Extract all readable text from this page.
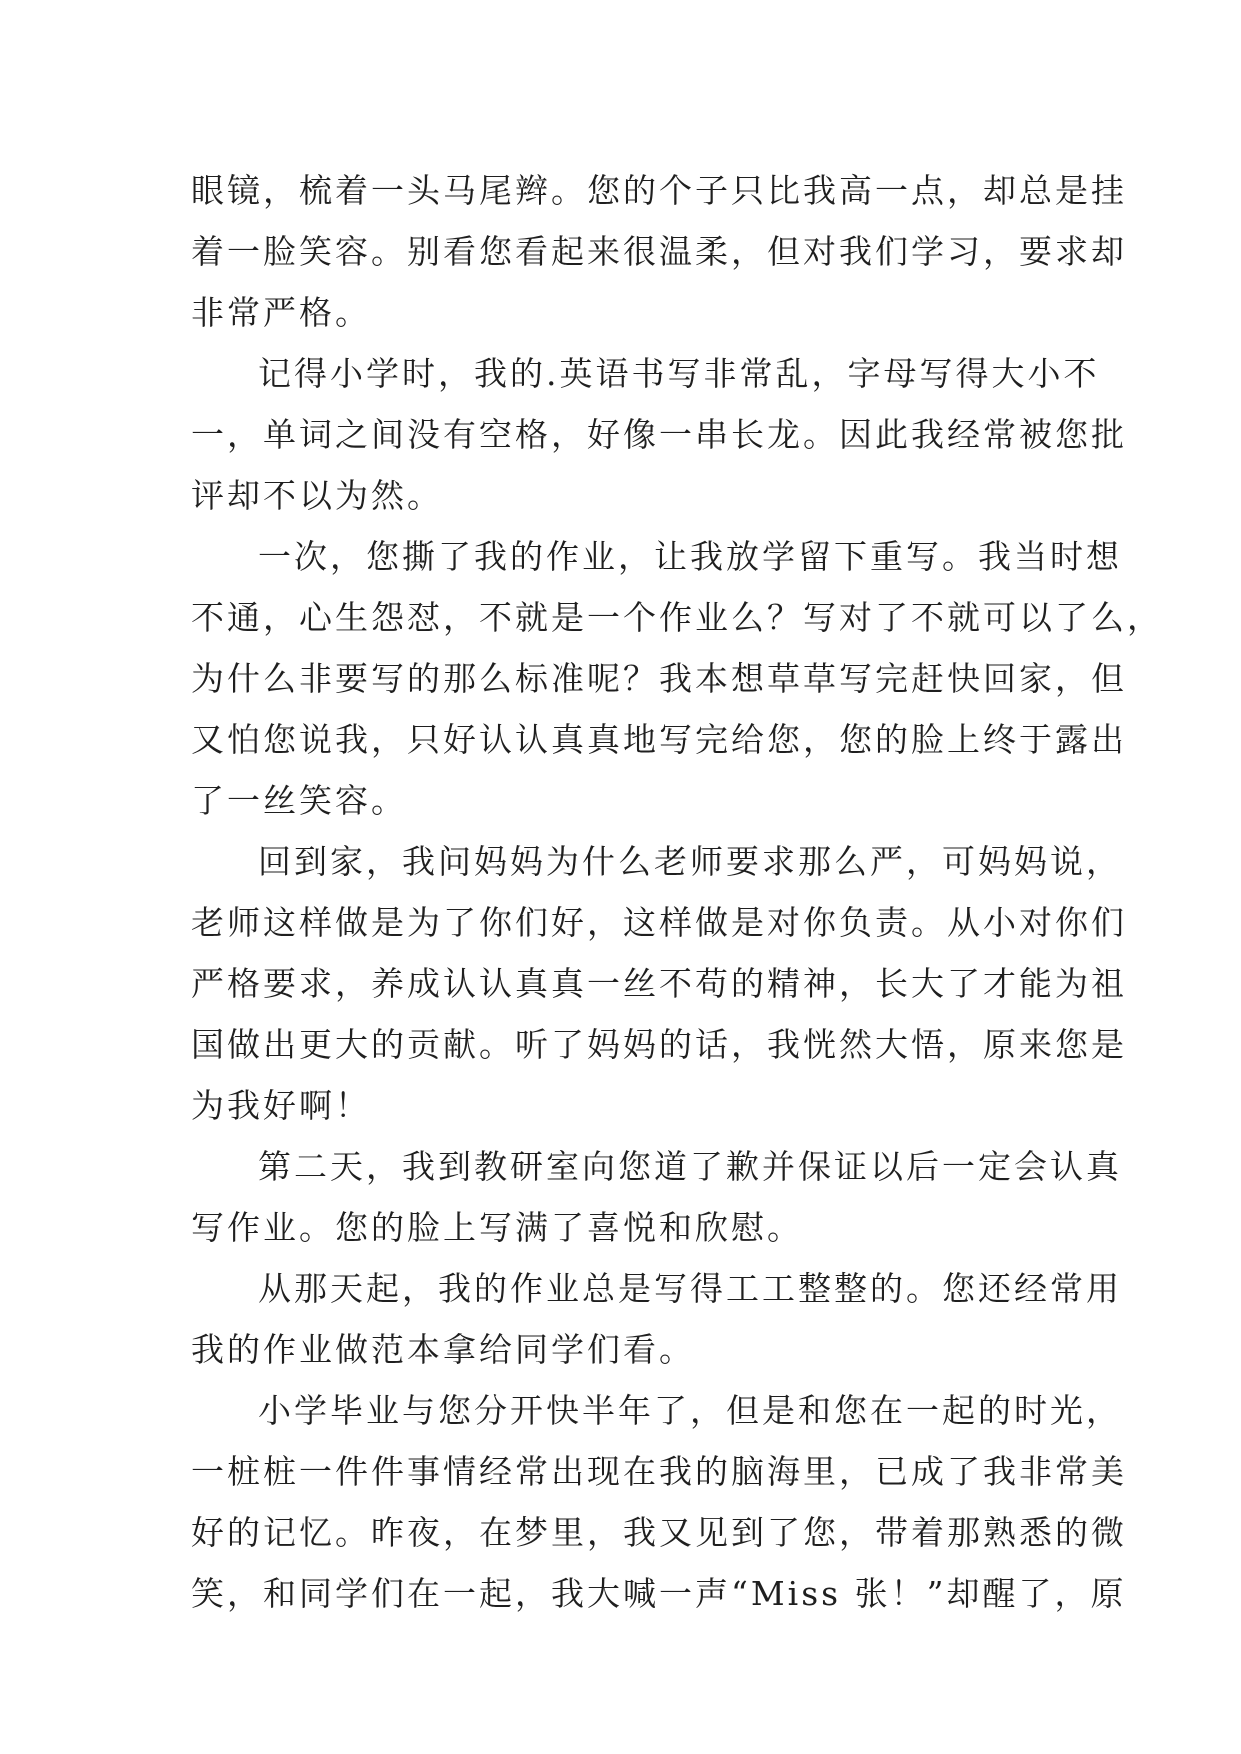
眼镜，梳着一头马尾辫。您的个子只比我高一点，却总是挂
着一脸笑容。别看您看起来很温柔，但对我们学习，要求却
非常严格。
记得小学时，我的.英语书写非常乱，字母写得大小不
一，单词之间没有空格，好像一串长龙。因此我经常被您批
评却不以为然。
一次，您撕了我的作业，让我放学留下重写。我当时想
不通，心生怨怼，不就是一个作业么？写对了不就可以了么，
为什么非要写的那么标准呢？我本想草草写完赶快回家，但
又怕您说我，只好认认真真地写完给您，您的脸上终于露出
了一丝笑容。
回到家，我问妈妈为什么老师要求那么严，可妈妈说，
老师这样做是为了你们好，这样做是对你负责。从小对你们
严格要求，养成认认真真一丝不苟的精神，长大了才能为祖
国做出更大的贡献。听了妈妈的话，我恍然大悟，原来您是
为我好啊！
第二天，我到教研室向您道了歉并保证以后一定会认真
写作业。您的脸上写满了喜悦和欣慰。
从那天起，我的作业总是写得工工整整的。您还经常用
我的作业做范本拿给同学们看。
小学毕业与您分开快半年了，但是和您在一起的时光，
一桩桩一件件事情经常出现在我的脑海里，已成了我非常美
好的记忆。昨夜，在梦里，我又见到了您，带着那熟悉的微
笑，和同学们在一起，我大喊一声“Miss 张！”却醒了，原
